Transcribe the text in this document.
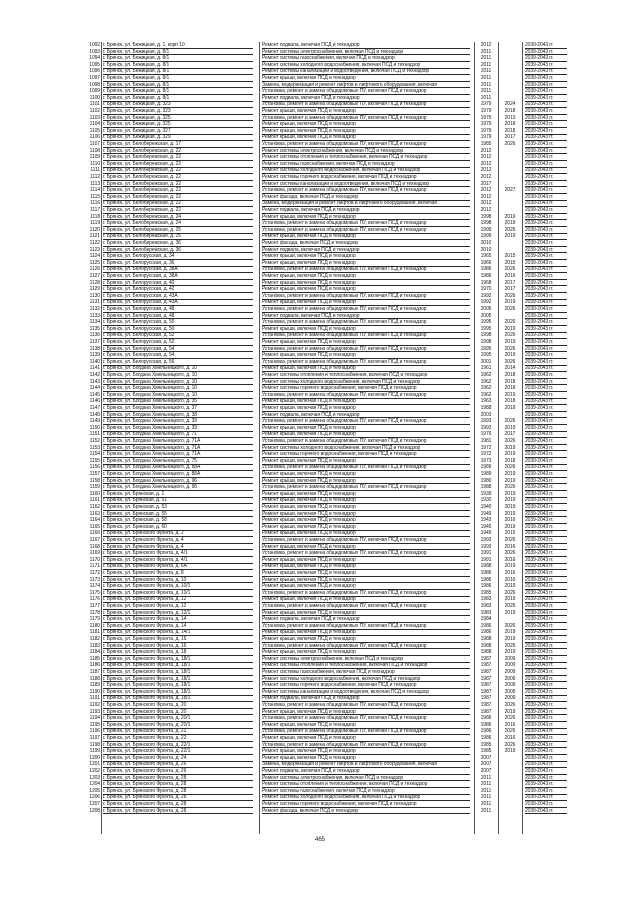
1092 г. Брянск, ул. Бежицкая, д. 1, корп 10	Ремонт подвала, включая ПСД и технадзор	2012	2039-2043 гг.
1093 г. Брянск, ул. Бежицкая, д. 8/1	Ремонт системы электроснабжения, включая ПСД и технадзор	2011	2039-2043 гг.
1094 г. Брянск, ул. Бежицкая, д. 8/1	Ремонт системы газоснабжения, включая ПСД и технадзор	2011	2039-2043 гг.
1095 г. Брянск, ул. Бежицкая, д. 8/1	Ремонт системы холодного водоснабжения, включая ПСД и технадзор	2011	2039-2043 гг.
1096 г. Брянск, ул. Бежицкая, д. 8/1	Ремонт системы канализации и водоотведения, включая ПСД и технадзор	2011	2039-2043 гг.
1097 г. Брянск, ул. Бежицкая, д. 8/1	Ремонт крыши, включая ПСД и технадзор	2011	2039-2043 гг.
1098 г. Брянск, ул. Бежицкая, д. 8/1	Замена, модернизация и ремонт лифтов и лифтового оборудования, включая	2011	2039-2043 гг.
1099 г. Брянск, ул. Бежицкая, д. 8/1	Установка, ремонт и замена общедомовых ПУ, включая ПСД и технадзор	2011	2039-2043 гг.
1100 г. Брянск, ул. Бежицкая, д. 8/1	Ремонт подвала, включая ПСД и технадзор	2011	2039-2043 гг.
1101 г. Брянск, ул. Бежицкая, д. 323	Установка, ремонт и замена общедомовых ПУ, включая ПСД и технадзор	1979	2024	2039-2043 гг.
1102 г. Брянск, ул. Бежицкая, д. 323	Ремонт крыши, включая ПСД и технадзор	1979	2018	2039-2043 гг.
1103 г. Брянск, ул. Бежицкая, д. 325	Установка, ремонт и замена общедомовых ПУ, включая ПСД и технадзор	1979	2013	2039-2043 гг.
1104 г. Брянск, ул. Бежицкая, д. 325	Ремонт крыши, включая ПСД и технадзор	1979	2018	2039-2043 гг.
1105 г. Брянск, ул. Бежицкая, д. 327	Ремонт крыши, включая ПСД и технадзор	1979	2018	2039-2043 гг.
1106 г. Брянск, ул. Бежицкая, д. 329	Ремонт крыши, включая ПСД и технадзор	1979	2017	2039-2043 гг.
1107 г. Брянск, ул. Белобережская, д. 17	Установка, ремонт и замена общедомовых ПУ, включая ПСД и технадзор	1985	2026	2039-2043 гг.
1108 г. Брянск, ул. Белобережская, д. 22	Ремонт системы электроснабжения, включая ПСД и технадзор	2012	2039-2043 гг.
1109 г. Брянск, ул. Белобережская, д. 22	Ремонт системы отопления и теплоснабжения, включая ПСД и технадзор	2012	2039-2043 гг.
1110 г. Брянск, ул. Белобережская, д. 22	Ремонт системы газоснабжения, включая ПСД и технадзор	2012	2039-2043 гг.
1111 г. Брянск, ул. Белобережская, д. 22	Ремонт системы холодного водоснабжения, включая ПСД и технадзор	2012	2039-2043 гг.
1112 г. Брянск, ул. Белобережская, д. 22	Ремонт системы горячего водоснабжения, включая ПСД и технадзор	2012	2039-2043 гг.
1113 г. Брянск, ул. Белобережская, д. 22	Ремонт системы канализации и водоотведения, включая ПСД и технадзор	2017	2039-2043 гг.
1114 г. Брянск, ул. Белобережская, д. 22	Установка, ремонт и замена общедомовых ПУ, включая ПСД и технадзор	2012	2027	2039-2043 гг.
1115 г. Брянск, ул. Белобережская, д. 22	Ремонт фасада, включая ПСД и технадзор	2012	2039-2043 гг.
1116 г. Брянск, ул. Белобережская, д. 22	Замена, модернизация и ремонт лифтов и лифтового оборудования, включая	2012	2039-2043 гг.
1117 г. Брянск, ул. Белобережская, д. 22	Ремонт подвала, включая ПСД и технадзор	2012	2039-2043 гг.
1118 г. Брянск, ул. Белобережская, д. 24	Ремонт крыши, включая ПСД и технадзор	1998	2019	2039-2043 гг.
1119 г. Брянск, ул. Белобережская, д. 24	Установка, ремонт и замена общедомовых ПУ, включая ПСД и технадзор	1998	2019	2039-2043 гг.
1120 г. Брянск, ул. Белобережская, д. 25	Установка, ремонт и замена общедомовых ПУ, включая ПСД и технадзор	1999	2026	2039-2043 гг.
1121 г. Брянск, ул. Белобережская, д. 25	Ремонт крыши, включая ПСД и технадзор	1999	2019	2039-2043 гг.
1122 г. Брянск, ул. Белобережская, д. 36	Ремонт фасада, включая ПСД и технадзор	2010	2039-2043 гг.
1123 г. Брянск, ул. Белобережская, д. 36	Ремонт подвала, включая ПСД и технадзор	2010	2039-2043 гг.
1124 г. Брянск, ул. Белорусская, д. 34	Ремонт крыши, включая ПСД и технадзор	1965	2015	2039-2043 гг.
1125 г. Брянск, ул. Белорусская, д. 36	Ремонт крыши, включая ПСД и технадзор	1966	2015	2039-2043 гг.
1126 г. Брянск, ул. Белорусская, д. 38А	Установка, ремонт и замена общедомовых ПУ, включая ПСД и технадзор	1986	2026	2039-2043 гг.
1127 г. Брянск, ул. Белорусская, д. 38А	Ремонт крыши, включая ПСД и технадзор	1986	2016	2039-2043 гг.
1128 г. Брянск, ул. Белорусская, д. 40	Ремонт крыши, включая ПСД и технадзор	1968	2017	2039-2043 гг.
1129 г. Брянск, ул. Белорусская, д. 42	Ремонт крыши, включая ПСД и технадзор	1970	2017	2039-2043 гг.
1130 г. Брянск, ул. Белорусская, д. 43А	Установка, ремонт и замена общедомовых ПУ, включая ПСД и технадзор	1992	2026	2039-2043 гг.
1131 г. Брянск, ул. Белорусская, д. 43А	Ремонт крыши, включая ПСД и технадзор	1992	2019	2039-2043 гг.
1132 г. Брянск, ул. Белорусская, д. 48	Установка, ремонт и замена общедомовых ПУ, включая ПСД и технадзор	2005	2026	2039-2043 гг.
1133 г. Брянск, ул. Белорусская, д. 48	Ремонт подвала, включая ПСД и технадзор	2005	2039-2043 гг.
1134 г. Брянск, ул. Белорусская, д. 50	Установка, ремонт и замена общедомовых ПУ, включая ПСД и технадзор	1995	2026	2039-2043 гг.
1135 г. Брянск, ул. Белорусская, д. 50	Ремонт крыши, включая ПСД и технадзор	1995	2019	2039-2043 гг.
1136 г. Брянск, ул. Белорусская, д. 52	Установка, ремонт и замена общедомовых ПУ, включая ПСД и технадзор	1998	2026	2039-2043 гг.
1137 г. Брянск, ул. Белорусская, д. 52	Ремонт крыши, включая ПСД и технадзор	1998	2019	2039-2043 гг.
1138 г. Брянск, ул. Белорусская, д. 54	Установка, ремонт и замена общедомовых ПУ, включая ПСД и технадзор	1995	2026	2039-2043 гг.
1139 г. Брянск, ул. Белорусская, д. 54	Ремонт крыши, включая ПСД и технадзор	1995	2019	2039-2043 гг.
1140 г. Брянск, ул. Белорусская, д. 56	Установка, ремонт и замена общедомовых ПУ, включая ПСД и технадзор	2001	2026	2039-2043 гг.
1141 г. Брянск, ул. Богдана Хмельницкого, д. 10	Ремонт крыши, включая ПСД и технадзор	1961	2014	2039-2043 гг.
1142 г. Брянск, ул. Богдана Хмельницкого, д. 10	Ремонт системы отопления и теплоснабжения, включая ПСД и технадзор	1962	2018	2039-2043 гг.
1143 г. Брянск, ул. Богдана Хмельницкого, д. 10	Ремонт системы холодного водоснабжения, включая ПСД и технадзор	1962	2018	2039-2043 гг.
1144 г. Брянск, ул. Богдана Хмельницкого, д. 10	Ремонт системы горячего водоснабжения, включая ПСД и технадзор	1962	2018	2039-2043 гг.
1145 г. Брянск, ул. Богдана Хмельницкого, д. 10	Установка, ремонт и замена общедомовых ПУ, включая ПСД и технадзор	1962	2019	2039-2043 гг.
1146 г. Брянск, ул. Богдана Хмельницкого, д. 35	Ремонт крыши, включая ПСД и технадзор	1963	2018	2039-2043 гг.
1147 г. Брянск, ул. Богдана Хмельницкого, д. 37	Ремонт крыши, включая ПСД и технадзор	1988	2019	2039-2043 гг.
1148 г. Брянск, ул. Богдана Хмельницкого, д. 38	Ремонт подвала, включая ПСД и технадзор	2003	2039-2043 гг.
1149 г. Брянск, ул. Богдана Хмельницкого, д. 39	Установка, ремонт и замена общедомовых ПУ, включая ПСД и технадзор	1993	2026	2039-2043 гг.
1150 г. Брянск, ул. Богдана Хмельницкого, д. 39	Ремонт крыши, включая ПСД и технадзор	1993	2019	2039-2043 гг.
1151 г. Брянск, ул. Богдана Хмельницкого, д. 71	Ремонт крыши, включая ПСД и технадзор	1976	2017	2039-2043 гг.
1152 г. Брянск, ул. Богдана Хмельницкого, д. 71А	Установка, ремонт и замена общедомовых ПУ, включая ПСД и технадзор	1981	2026	2039-2043 гг.
1153 г. Брянск, ул. Богдана Хмельницкого, д. 71А	Ремонт системы холодного водоснабжения, включая ПСД и технадзор	1972	2019	2039-2043 гг.
1154 г. Брянск, ул. Богдана Хмельницкого, д. 71А	Ремонт системы горячего водоснабжения, включая ПСД и технадзор	1972	2019	2039-2043 гг.
1155 г. Брянск, ул. Богдана Хмельницкого, д. 75	Ремонт крыши, включая ПСД и технадзор	1973	2018	2039-2043 гг.
1156 г. Брянск, ул. Богдана Хмельницкого, д. 88А	Установка, ремонт и замена общедомовых ПУ, включая ПСД и технадзор	1989	2026	2039-2043 гг.
1157 г. Брянск, ул. Богдана Хмельницкого, д. 88А	Ремонт крыши, включая ПСД и технадзор	1989	2019	2039-2043 гг.
1158 г. Брянск, ул. Богдана Хмельницкого, д. 96	Ремонт крыши, включая ПСД и технадзор	1980	2019	2039-2043 гг.
1159 г. Брянск, ул. Богдана Хмельницкого, д. 96	Установка, ремонт и замена общедомовых ПУ, включая ПСД и технадзор	1988	2026	2039-2043 гг.
1160 г. Брянск, ул. Брянская, д. 1	Ремонт крыши, включая ПСД и технадзор	1939	2019	2039-2043 гг.
1161 г. Брянск, ул. Брянская, д. 51	Ремонт крыши, включая ПСД и технадзор	1930	2019	2039-2043 гг.
1162 г. Брянск, ул. Брянская, д. 53	Ремонт крыши, включая ПСД и технадзор	1940	2019	2039-2043 гг.
1163 г. Брянск, ул. Брянская, д. 55	Ремонт крыши, включая ПСД и технадзор	1949	2019	2039-2043 гг.
1164 г. Брянск, ул. Брянская, д. 58	Ремонт крыши, включая ПСД и технадзор	1943	2016	2039-2043 гг.
1165 г. Брянск, ул. Брянская, д. 60	Ремонт крыши, включая ПСД и технадзор	1945	2019	2039-2043 гг.
1166 г. Брянск, ул. Брянского Фронта, д. 2	Ремонт крыши, включая ПСД и технадзор	1949	2015	2039-2043 гг.
1167 г. Брянск, ул. Брянского Фронта, д. 4	Установка, ремонт и замена общедомовых ПУ, включая ПСД и технадзор	1993	2026	2039-2043 гг.
1168 г. Брянск, ул. Брянского Фронта, д. 4	Ремонт крыши, включая ПСД и технадзор	1993	2016	2039-2043 гг.
1169 г. Брянск, ул. Брянского Фронта, д. 4/1	Установка, ремонт и замена общедомовых ПУ, включая ПСД и технадзор	1991	2026	2039-2043 гг.
1170 г. Брянск, ул. Брянского Фронта, д. 4/1	Ремонт крыши, включая ПСД и технадзор	1991	2016	2039-2043 гг.
1171 г. Брянск, ул. Брянского Фронта, д. 6А	Ремонт крыши, включая ПСД и технадзор	1988	2019	2039-2043 гг.
1172 г. Брянск, ул. Брянского Фронта, д. 8	Ремонт крыши, включая ПСД и технадзор	1986	2016	2039-2043 гг.
1173 г. Брянск, ул. Брянского Фронта, д. 10	Ремонт крыши, включая ПСД и технадзор	1986	2016	2039-2043 гг.
1174 г. Брянск, ул. Брянского Фронта, д. 10/1	Ремонт крыши, включая ПСД и технадзор	1986	2019	2039-2043 гг.
1175 г. Брянск, ул. Брянского Фронта, д. 10/1	Установка, ремонт и замена общедомовых ПУ, включая ПСД и технадзор	1985	2026	2039-2043 гг.
1176 г. Брянск, ул. Брянского Фронта, д. 12	Ремонт крыши, включая ПСД и технадзор	1983	2019	2039-2043 гг.
1177 г. Брянск, ул. Брянского Фронта, д. 12	Установка, ремонт и замена общедомовых ПУ, включая ПСД и технадзор	1983	2026	2039-2043 гг.
1178 г. Брянск, ул. Брянского Фронта, д. 12/1	Ремонт крыши, включая ПСД и технадзор	1983	2019	2039-2043 гг.
1179 г. Брянск, ул. Брянского Фронта, д. 14	Ремонт подвала, включая ПСД и технадзор	1984	2039-2043 гг.
1180 г. Брянск, ул. Брянского Фронта, д. 14	Установка, ремонт и замена общедомовых ПУ, включая ПСД и технадзор	1986	2026	2039-2043 гг.
1181 г. Брянск, ул. Брянского Фронта, д. 14/1	Ремонт крыши, включая ПСД и технадзор	1986	2019	2039-2043 гг.
1182 г. Брянск, ул. Брянского Фронта, д. 16	Ремонт крыши, включая ПСД и технадзор	1988	2019	2039-2043 гг.
1183 г. Брянск, ул. Брянского Фронта, д. 16	Установка, ремонт и замена общедомовых ПУ, включая ПСД и технадзор	1988	2026	2039-2043 гг.
1184 г. Брянск, ул. Брянского Фронта, д. 18	Ремонт крыши, включая ПСД и технадзор	1988	2019	2039-2043 гг.
1185 г. Брянск, ул. Брянского Фронта, д. 18/1	Ремонт системы электроснабжения, включая ПСД и технадзор	1987	2009	2039-2043 гг.
1186 г. Брянск, ул. Брянского Фронта, д. 18/1	Ремонт системы отопления и теплоснабжения, включая ПСД и технадзор	1987	2009	2039-2043 гг.
1187 г. Брянск, ул. Брянского Фронта, д. 18/1	Ремонт системы газоснабжения, включая ПСД и технадзор	1987	2009	2039-2043 гг.
1188 г. Брянск, ул. Брянского Фронта, д. 18/1	Ремонт системы холодного водоснабжения, включая ПСД и технадзор	1987	2009	2039-2043 гг.
1189 г. Брянск, ул. Брянского Фронта, д. 18/1	Ремонт системы горячего водоснабжения, включая ПСД и технадзор	1987	2009	2039-2043 гг.
1190 г. Брянск, ул. Брянского Фронта, д. 18/1	Ремонт системы канализации и водоотведения, включая ПСД и технадзор	1987	2009	2039-2043 гг.
1191 г. Брянск, ул. Брянского Фронта, д. 18/1	Ремонт подвала, включая ПСД и технадзор	1987	2009	2039-2043 гг.
1192 г. Брянск, ул. Брянского Фронта, д. 20	Установка, ремонт и замена общедомовых ПУ, включая ПСД и технадзор	1987	2026	2039-2043 гг.
1193 г. Брянск, ул. Брянского Фронта, д. 20	Ремонт крыши, включая ПСД и технадзор	1987	2019	2039-2043 гг.
1194 г. Брянск, ул. Брянского Фронта, д. 20/1	Установка, ремонт и замена общедомовых ПУ, включая ПСД и технадзор	1986	2026	2039-2043 гг.
1195 г. Брянск, ул. Брянского Фронта, д. 20/1	Ремонт крыши, включая ПСД и технадзор	1986	2016	2039-2043 гг.
1196 г. Брянск, ул. Брянского Фронта, д. 22	Установка, ремонт и замена общедомовых ПУ, включая ПСД и технадзор	1986	2026	2039-2043 гг.
1197 г. Брянск, ул. Брянского Фронта, д. 22	Ремонт крыши, включая ПСД и технадзор	1986	2016	2039-2043 гг.
1198 г. Брянск, ул. Брянского Фронта, д. 22/1	Установка, ремонт и замена общедомовых ПУ, включая ПСД и технадзор	1985	2026	2039-2043 гг.
1199 г. Брянск, ул. Брянского Фронта, д. 22/1	Ремонт крыши, включая ПСД и технадзор	1985	2019	2039-2043 гг.
1200 г. Брянск, ул. Брянского Фронта, д. 24	Ремонт крыши, включая ПСД и технадзор	2007	2039-2043 гг.
1201 г. Брянск, ул. Брянского Фронта, д. 26	Замена, модернизация и ремонт лифтов и лифтового оборудования, включая	2007	2039-2043 гг.
1202 г. Брянск, ул. Брянского Фронта, д. 26	Ремонт подвала, включая ПСД и технадзор	2007	2039-2043 гг.
1203 г. Брянск, ул. Брянского Фронта, д. 28	Ремонт системы электроснабжения, включая ПСД и технадзор	2011	2039-2043 гг.
1204 г. Брянск, ул. Брянского Фронта, д. 28	Ремонт системы отопления и теплоснабжения, включая ПСД и технадзор	2011	2039-2043 гг.
1205 г. Брянск, ул. Брянского Фронта, д. 28	Ремонт системы газоснабжения, включая ПСД и технадзор	2011	2039-2043 гг.
1206 г. Брянск, ул. Брянского Фронта, д. 28	Ремонт системы холодного водоснабжения, включая ПСД и технадзор	2011	2039-2043 гг.
1207 г. Брянск, ул. Брянского Фронта, д. 28	Ремонт системы горячего водоснабжения, включая ПСД и технадзор	2011	2039-2043 гг.
1208 г. Брянск, ул. Брянского Фронта, д. 28	Ремонт фасада, включая ПСД и технадзор	2011	2039-2043 гг.
465
